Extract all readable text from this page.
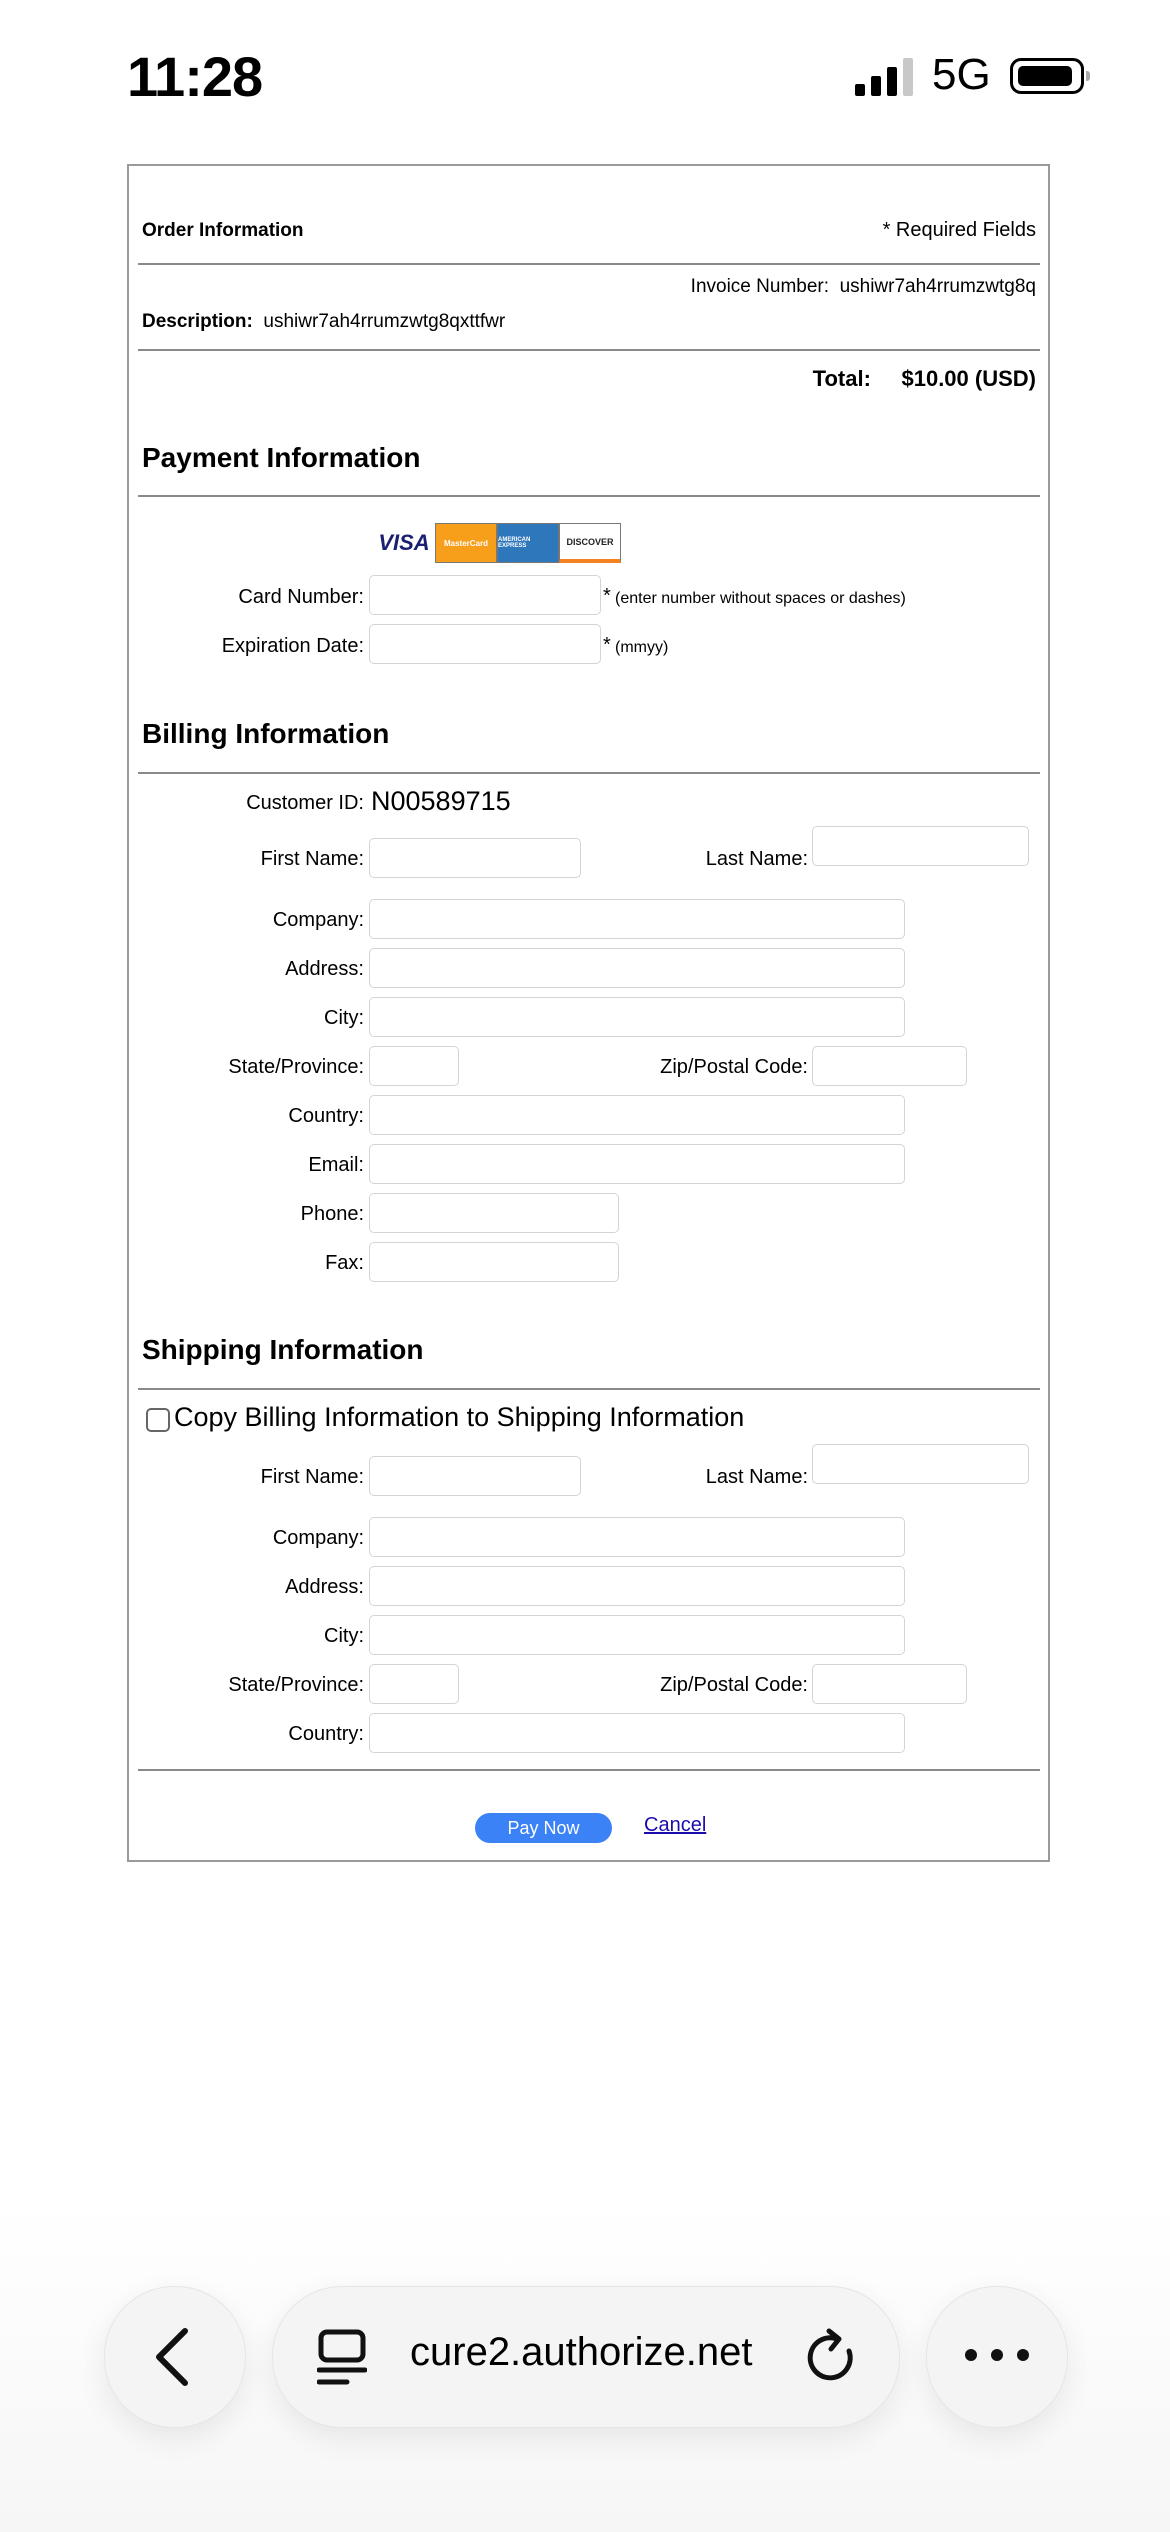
11:28	5G
Order Information	* Required Fields
Invoice Number: ushiwr7ah4rrumzwtg8q
Description: ushiwr7ah4rrumzwtg8qxttfwr
Total: $10.00 (USD)
Payment Information
VISA	MasterCard	AMERICAN EXPRESS	DISCOVER
Card Number:	* (enter number without spaces or dashes)
Expiration Date:	* (mmyy)
Billing Information
Customer ID: N00589715
First Name:	Last Name:
Company:
Address:
City:
State/Province:	Zip/Postal Code:
Country:
Email:
Phone:
Fax:
Shipping Information
Copy Billing Information to Shipping Information
First Name:	Last Name:
Company:
Address:
City:
State/Province:	Zip/Postal Code:
Country:
Pay Now	Cancel
cure2.authorize.net
